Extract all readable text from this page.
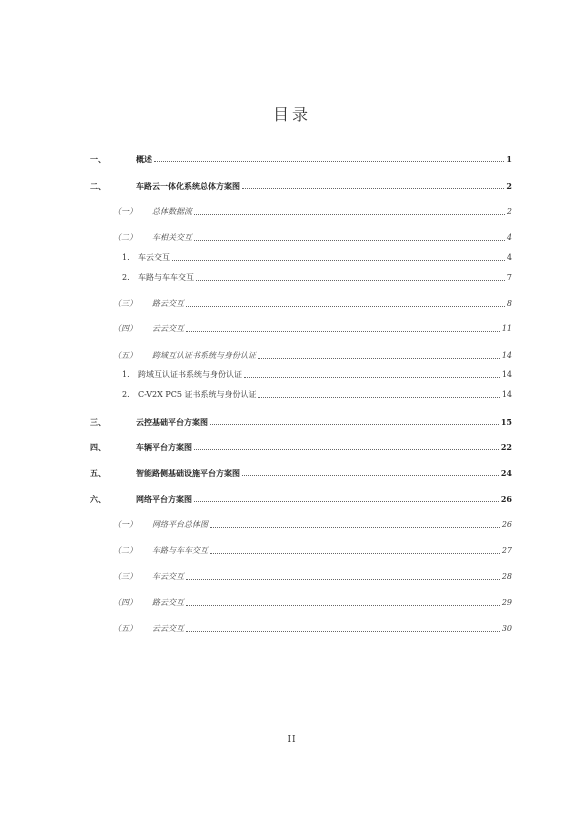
目录
一、	概述	1
二、	车路云一体化系统总体方案图	2
（一） 总体数据流	2
（二） 车相关交互	4
1. 车云交互	4
2. 车路与车车交互	7
（三） 路云交互	8
（四） 云云交互	11
（五） 跨域互认证书系统与身份认证	14
1. 跨域互认证书系统与身份认证	14
2. C-V2X PC5 证书系统与身份认证	14
三、	云控基础平台方案图	15
四、	车辆平台方案图	22
五、	智能路侧基础设施平台方案图	24
六、	网络平台方案图	26
（一） 网络平台总体图	26
（二） 车路与车车交互	27
（三） 车云交互	28
（四） 路云交互	29
（五） 云云交互	30
II
